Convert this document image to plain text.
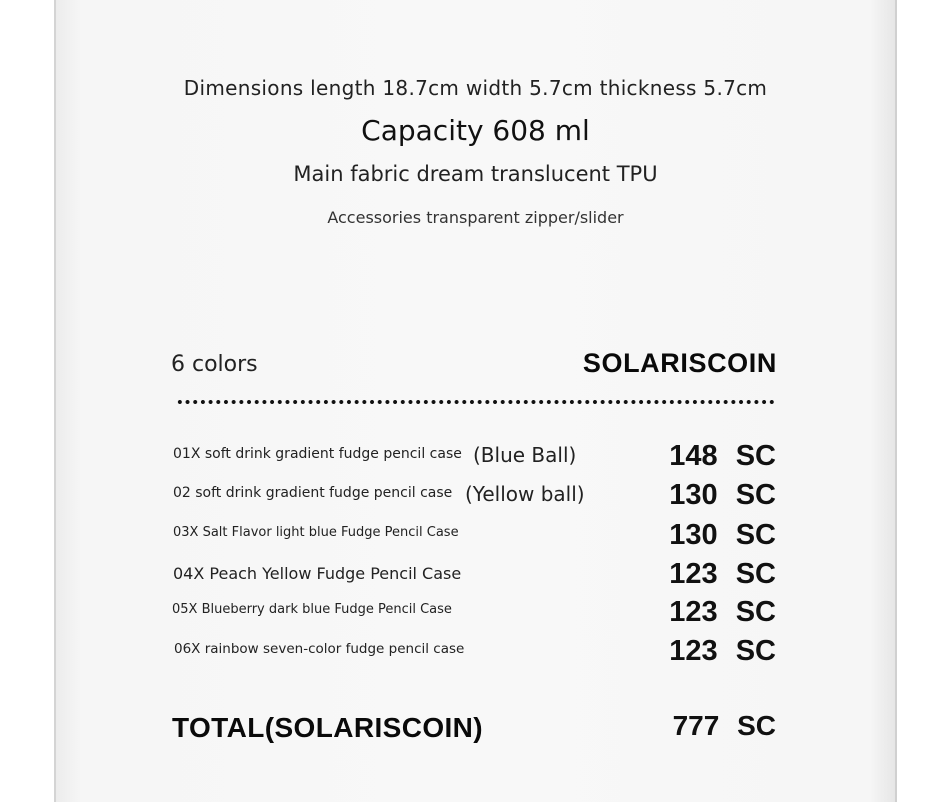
Dimensions length 18.7cm width 5.7cm thickness 5.7cm
Capacity 608 ml
Main fabric dream translucent TPU
Accessories transparent zipper/slider
6 colors	SOLARISCOIN
01X soft drink gradient fudge pencil case (Blue Ball)	148 SC
02 soft drink gradient fudge pencil case (Yellow ball)	130 SC
03X Salt Flavor light blue Fudge Pencil Case	130 SC
04X Peach Yellow Fudge Pencil Case	123 SC
05X Blueberry dark blue Fudge Pencil Case	123 SC
06X rainbow seven-color fudge pencil case	123 SC
TOTAL(SOLARISCOIN)	777 SC
